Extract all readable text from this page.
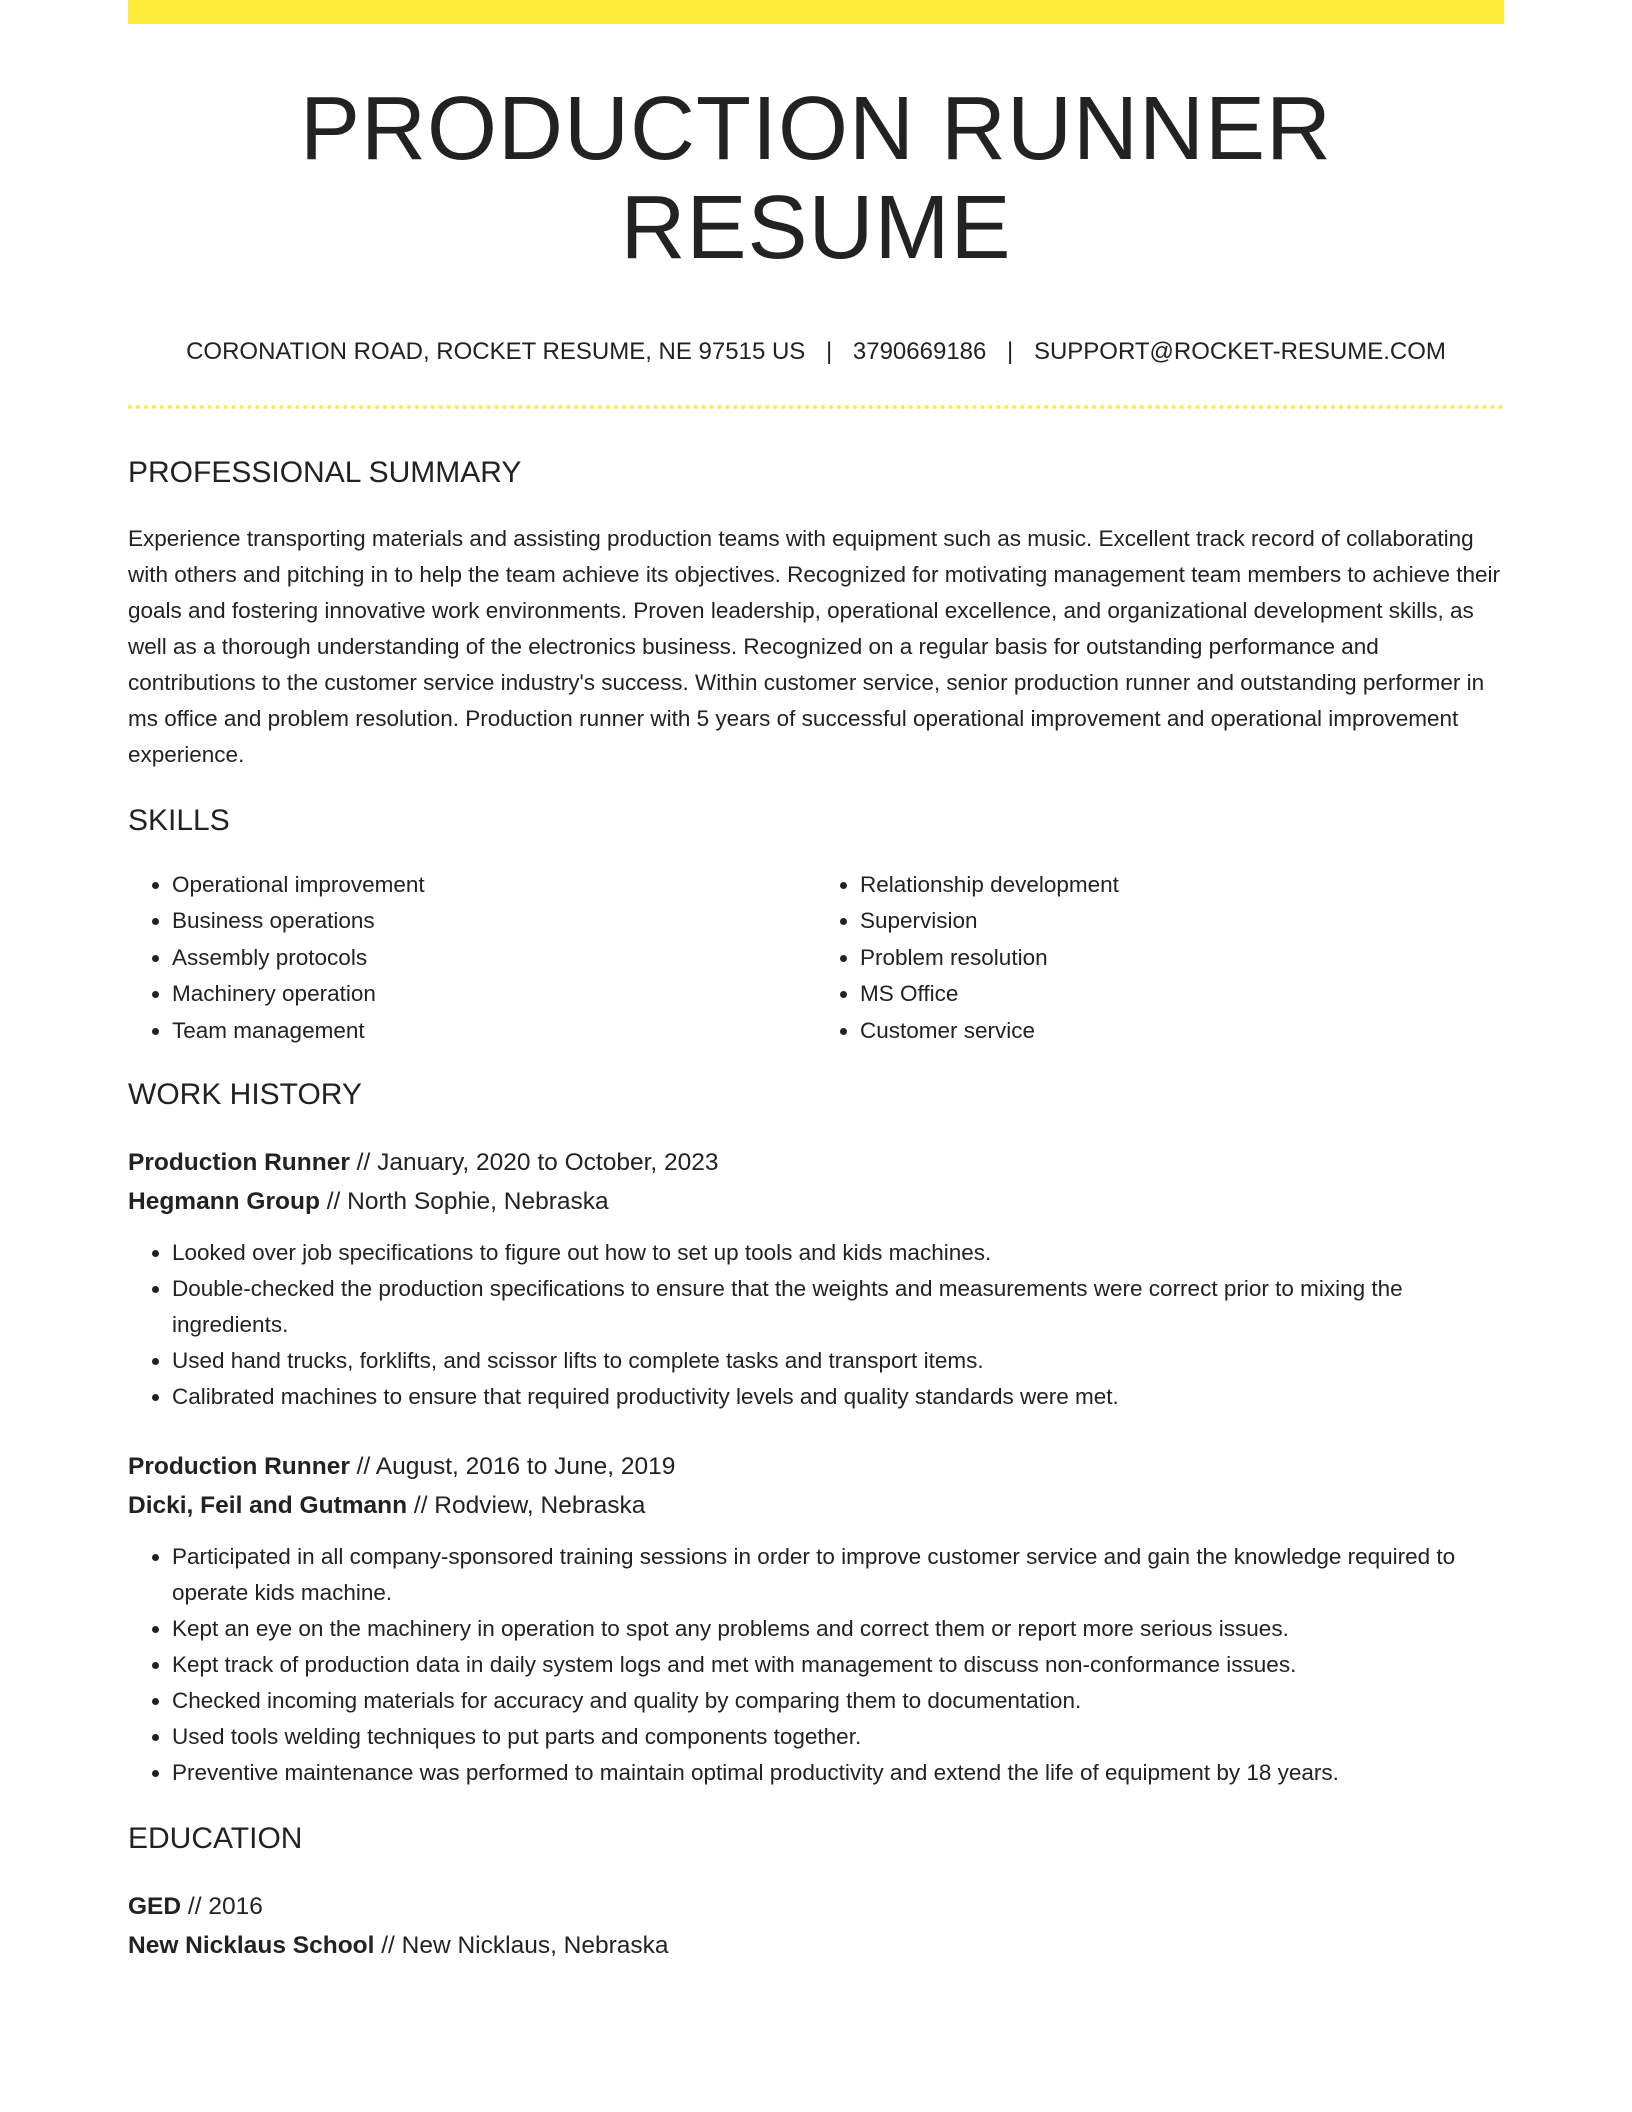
PRODUCTION RUNNER RESUME
CORONATION ROAD, ROCKET RESUME, NE 97515 US | 3790669186 | SUPPORT@ROCKET-RESUME.COM
PROFESSIONAL SUMMARY

Experience transporting materials and assisting production teams with equipment such as music. Excellent track record of collaborating with others and pitching in to help the team achieve its objectives. Recognized for motivating management team members to achieve their goals and fostering innovative work environments. Proven leadership, operational excellence, and organizational development skills, as well as a thorough understanding of the electronics business. Recognized on a regular basis for outstanding performance and contributions to the customer service industry's success. Within customer service, senior production runner and outstanding performer in ms office and problem resolution. Production runner with 5 years of successful operational improvement and operational improvement experience.

SKILLS
• Operational improvement
• Business operations
• Assembly protocols
• Machinery operation
• Team management
• Relationship development
• Supervision
• Problem resolution
• MS Office
• Customer service
WORK HISTORY

Production Runner // January, 2020 to October, 2023

Hegmann Group // North Sophie, Nebraska

• Looked over job specifications to figure out how to set up tools and kids machines.
• Double-checked the production specifications to ensure that the weights and measurements were correct prior to mixing the ingredients.
• Used hand trucks, forklifts, and scissor lifts to complete tasks and transport items.
• Calibrated machines to ensure that required productivity levels and quality standards were met.

Production Runner // August, 2016 to June, 2019

Dicki, Feil and Gutmann // Rodview, Nebraska

• Participated in all company-sponsored training sessions in order to improve customer service and gain the knowledge required to operate kids machine.
• Kept an eye on the machinery in operation to spot any problems and correct them or report more serious issues.
• Kept track of production data in daily system logs and met with management to discuss non-conformance issues.
• Checked incoming materials for accuracy and quality by comparing them to documentation.
• Used tools welding techniques to put parts and components together.
• Preventive maintenance was performed to maintain optimal productivity and extend the life of equipment by 18 years.
EDUCATION

GED // 2016

New Nicklaus School // New Nicklaus, Nebraska
